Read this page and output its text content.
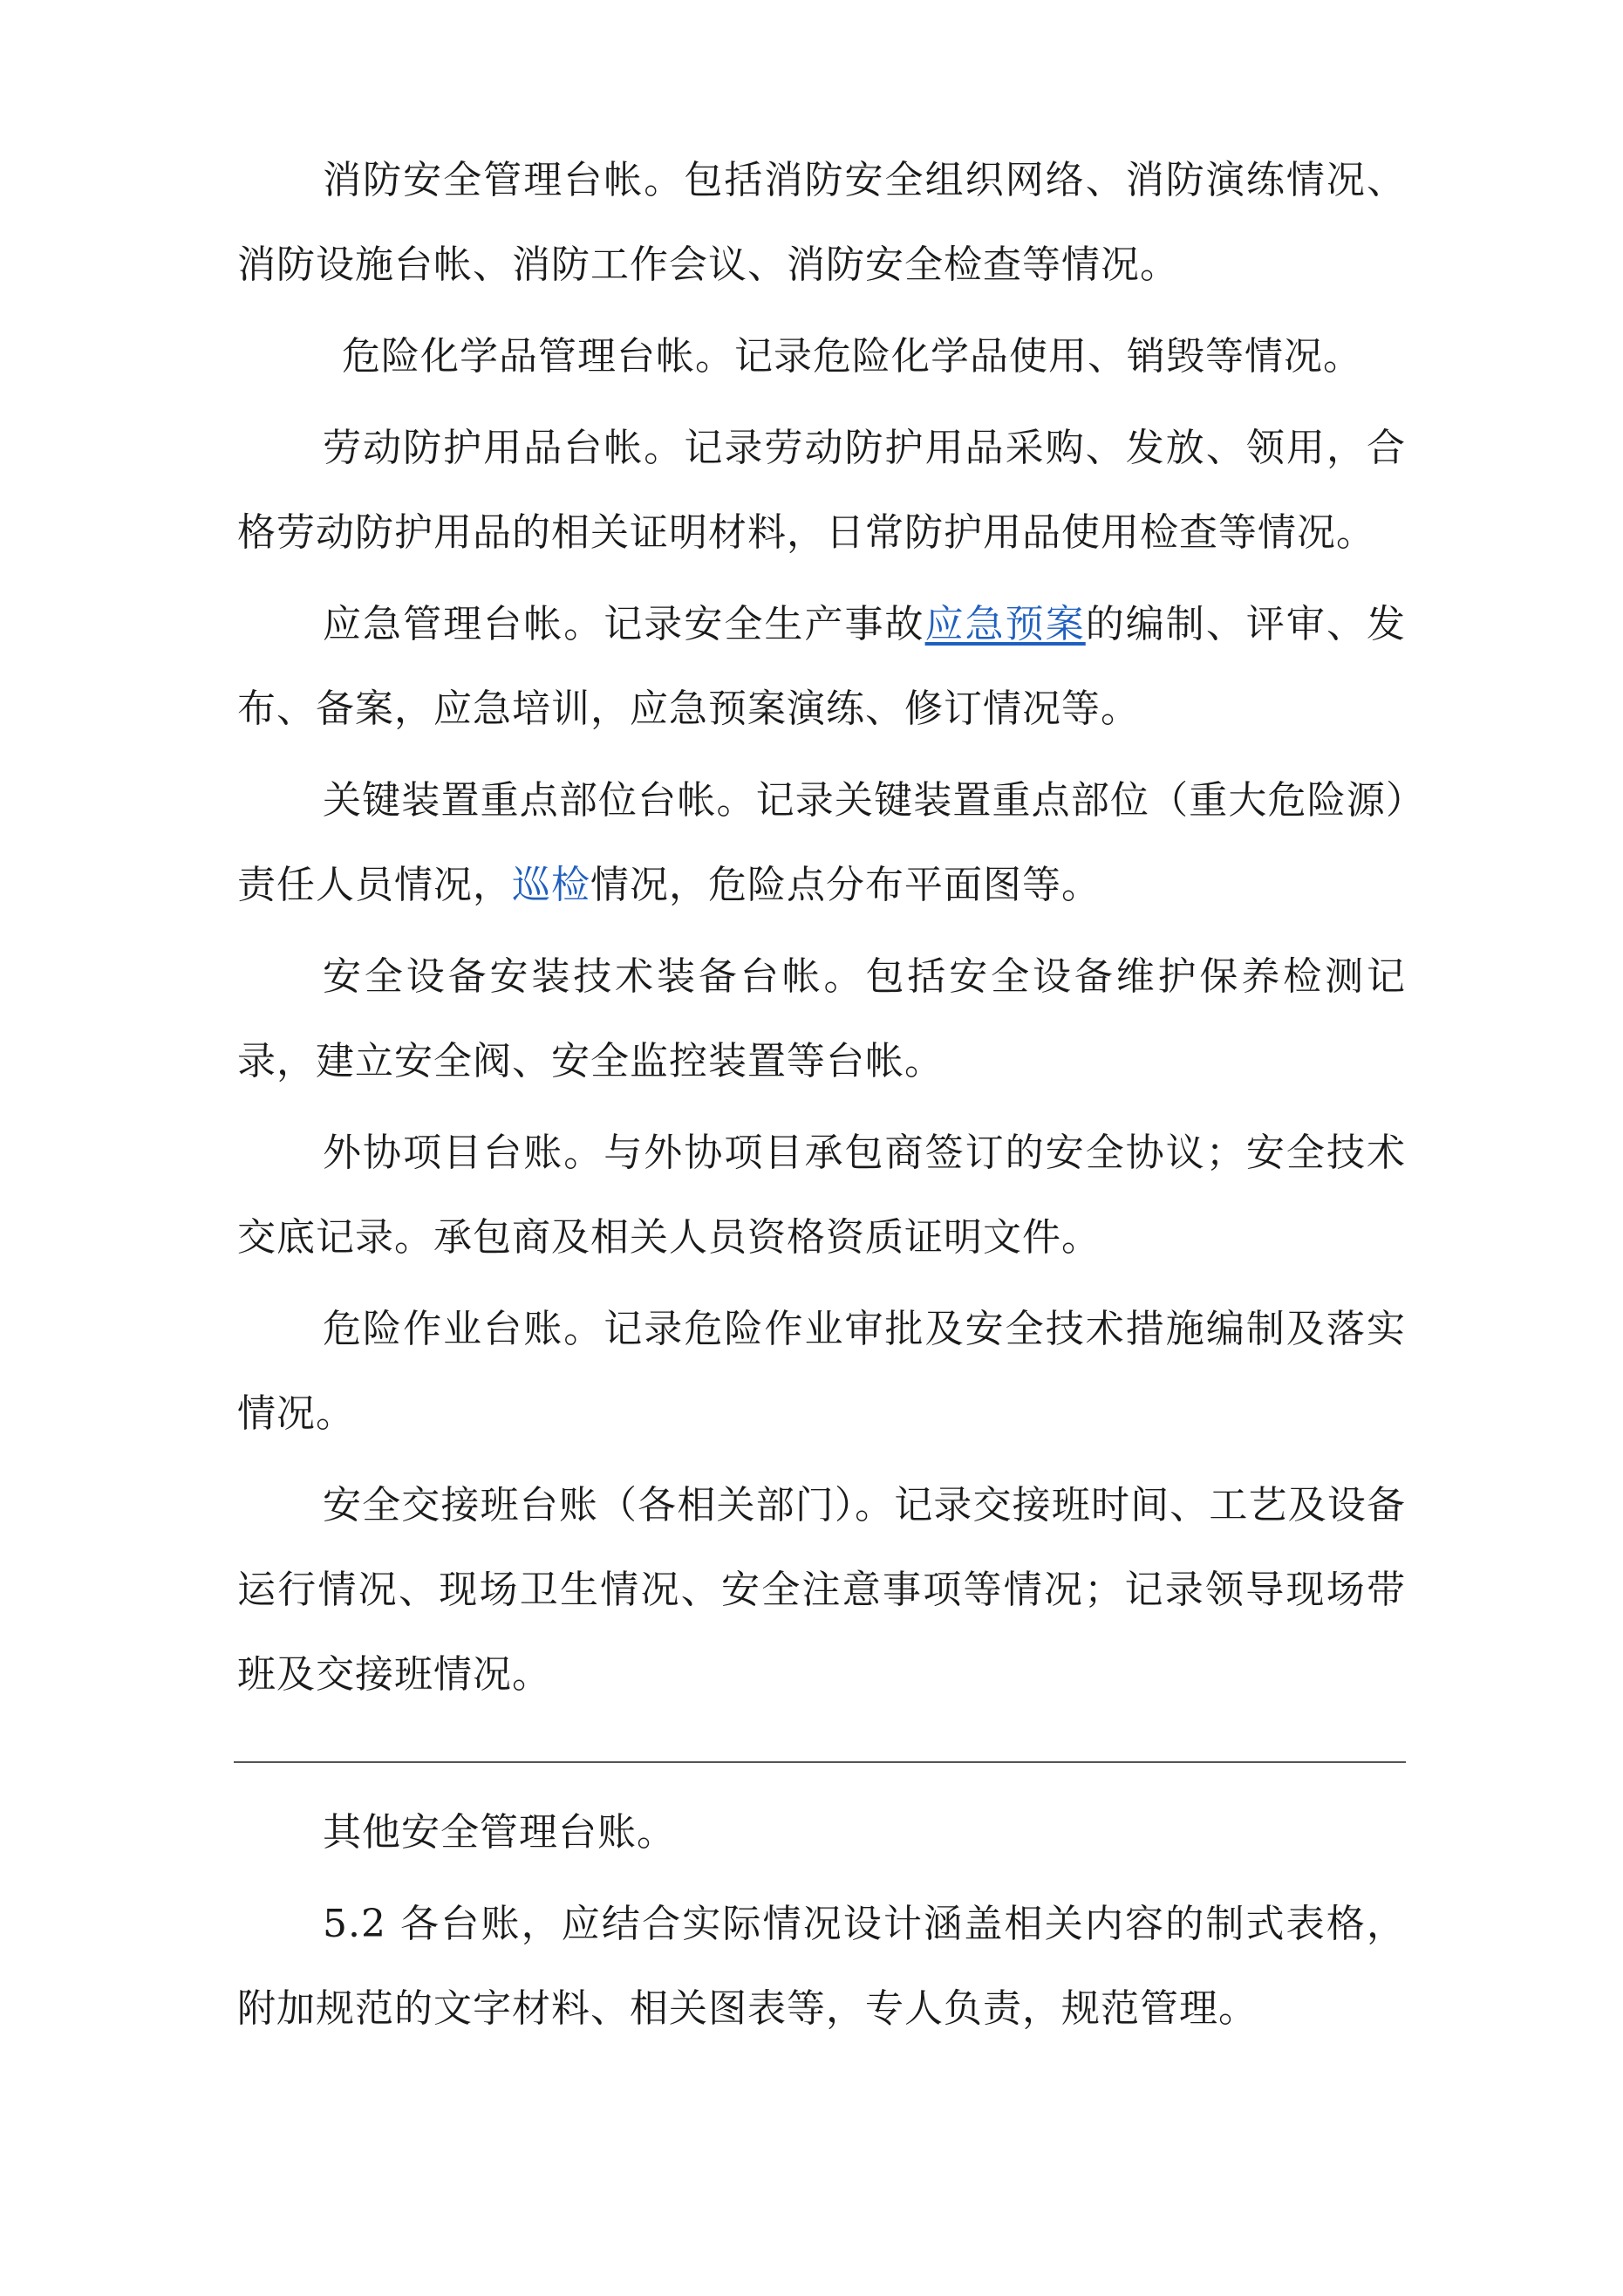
消防安全管理台帐。包括消防安全组织网络、消防演练情况、消防设施台帐、消防工作会议、消防安全检查等情况。

危险化学品管理台帐。记录危险化学品使用、销毁等情况。

劳动防护用品台帐。记录劳动防护用品采购、发放、领用，合格劳动防护用品的相关证明材料，日常防护用品使用检查等情况。

应急管理台帐。记录安全生产事故应急预案的编制、评审、发布、备案，应急培训，应急预案演练、修订情况等。

关键装置重点部位台帐。记录关键装置重点部位（重大危险源）责任人员情况，巡检情况，危险点分布平面图等。

安全设备安装技术装备台帐。包括安全设备维护保养检测记录，建立安全阀、安全监控装置等台帐。

外协项目台账。与外协项目承包商签订的安全协议；安全技术交底记录。承包商及相关人员资格资质证明文件。

危险作业台账。记录危险作业审批及安全技术措施编制及落实情况。

安全交接班台账（各相关部门）。记录交接班时间、工艺及设备运行情况、现场卫生情况、安全注意事项等情况；记录领导现场带班及交接班情况。

其他安全管理台账。

5.2 各台账，应结合实际情况设计涵盖相关内容的制式表格，附加规范的文字材料、相关图表等，专人负责，规范管理。
